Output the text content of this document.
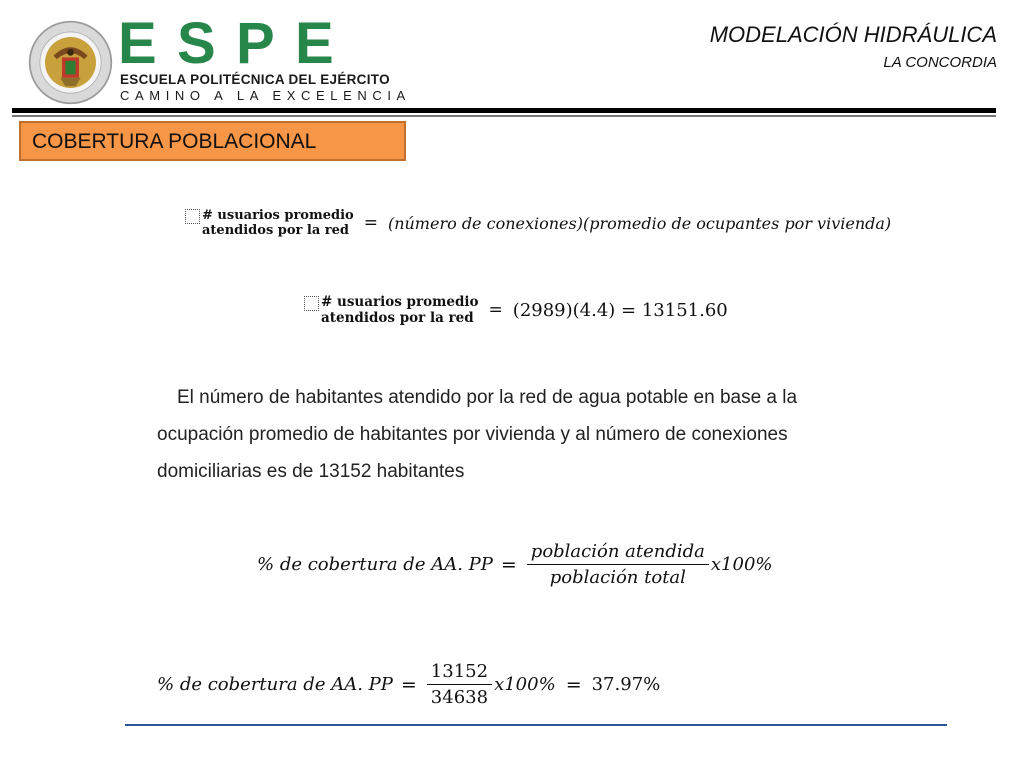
E S P E
ESCUELA POLITÉCNICA DEL EJÉRCITO
CAMINO A LA EXCELENCIA
MODELACIÓN HIDRÁULICA
LA CONCORDIA
COBERTURA POBLACIONAL
# usuarios promedio
atendidos por la red = (número de conexiones)(promedio de ocupantes por vivienda)
# usuarios promedio
atendidos por la red = (2989)(4.4) = 13151.60
El número de habitantes atendido por la red de agua potable en base a la
ocupación promedio de habitantes por vivienda y al número de conexiones
domiciliarias es de 13152 habitantes
% de cobertura de AA. PP = $\frac{\text{población atendida}}{\text{población total}} x100\%$
% de cobertura de AA. PP = $\frac{13152}{34638} x100\% = 37.97\%$
